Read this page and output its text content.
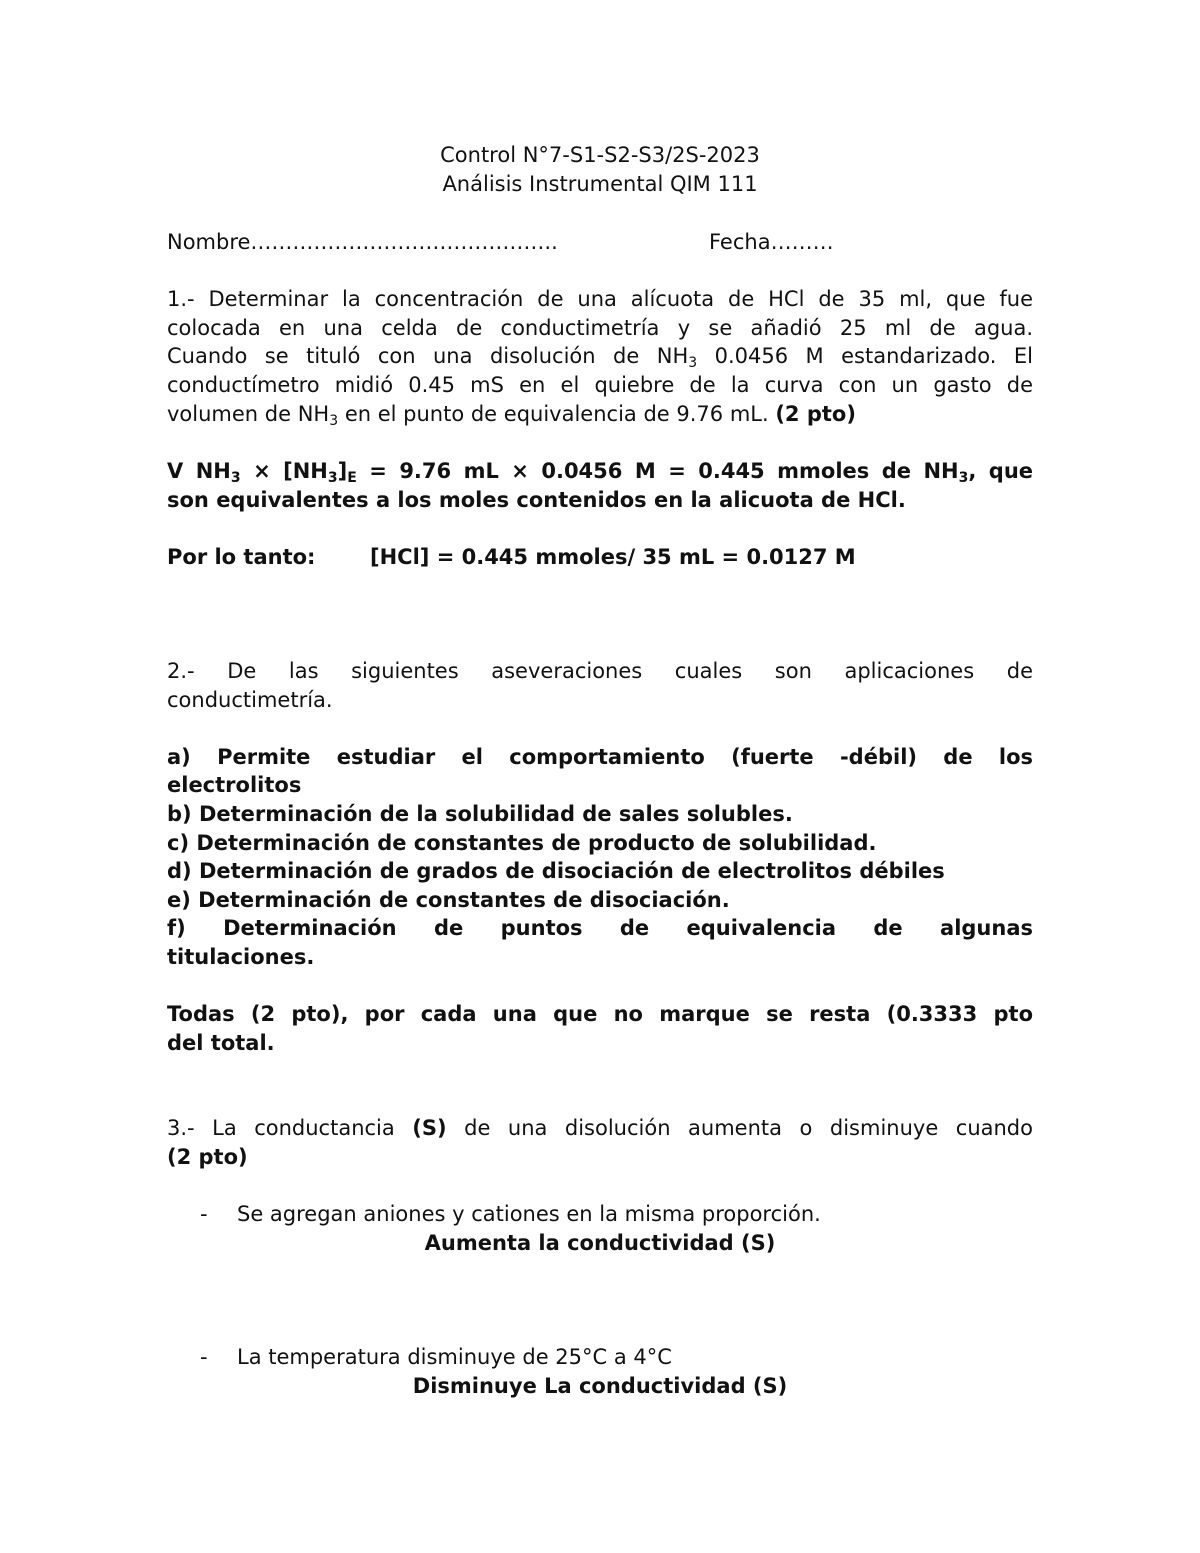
Control N°7-S1-S2-S3/2S-2023
Análisis Instrumental QIM 111
Nombre……………………………………..	Fecha………
1.- Determinar la concentración de una alícuota de HCl de 35 ml, que fue
colocada en una celda de conductimetría y se añadió 25 ml de agua.
Cuando se tituló con una disolución de $NH_3$ 0.0456 M estandarizado. El
conductímetro midió 0.45 mS en el quiebre de la curva con un gasto de
volumen de $NH_3$ en el punto de equivalencia de 9.76 mL. (2 pto)
V $NH_3 \times [NH_3]_E = 9.76$ mL × 0.0456 M = 0.445 mmoles de $NH_3$, que
son equivalentes a los moles contenidos en la alicuota de HCl.
Por lo tanto:	[HCl] = 0.445 mmoles/ 35 mL = 0.0127 M
2.- De las siguientes aseveraciones cuales son aplicaciones de
conductimetría.
a) Permite estudiar el comportamiento (fuerte -débil) de los
electrolitos
b) Determinación de la solubilidad de sales solubles.
c) Determinación de constantes de producto de solubilidad.
d) Determinación de grados de disociación de electrolitos débiles
e) Determinación de constantes de disociación.
f) Determinación de puntos de equivalencia de algunas
titulaciones.
Todas (2 pto), por cada una que no marque se resta (0.3333 pto
del total.
3.- La conductancia (S) de una disolución aumenta o disminuye cuando
(2 pto)
- Se agregan aniones y cationes en la misma proporción.
Aumenta la conductividad (S)
- La temperatura disminuye de 25°C a 4°C
Disminuye La conductividad (S)
